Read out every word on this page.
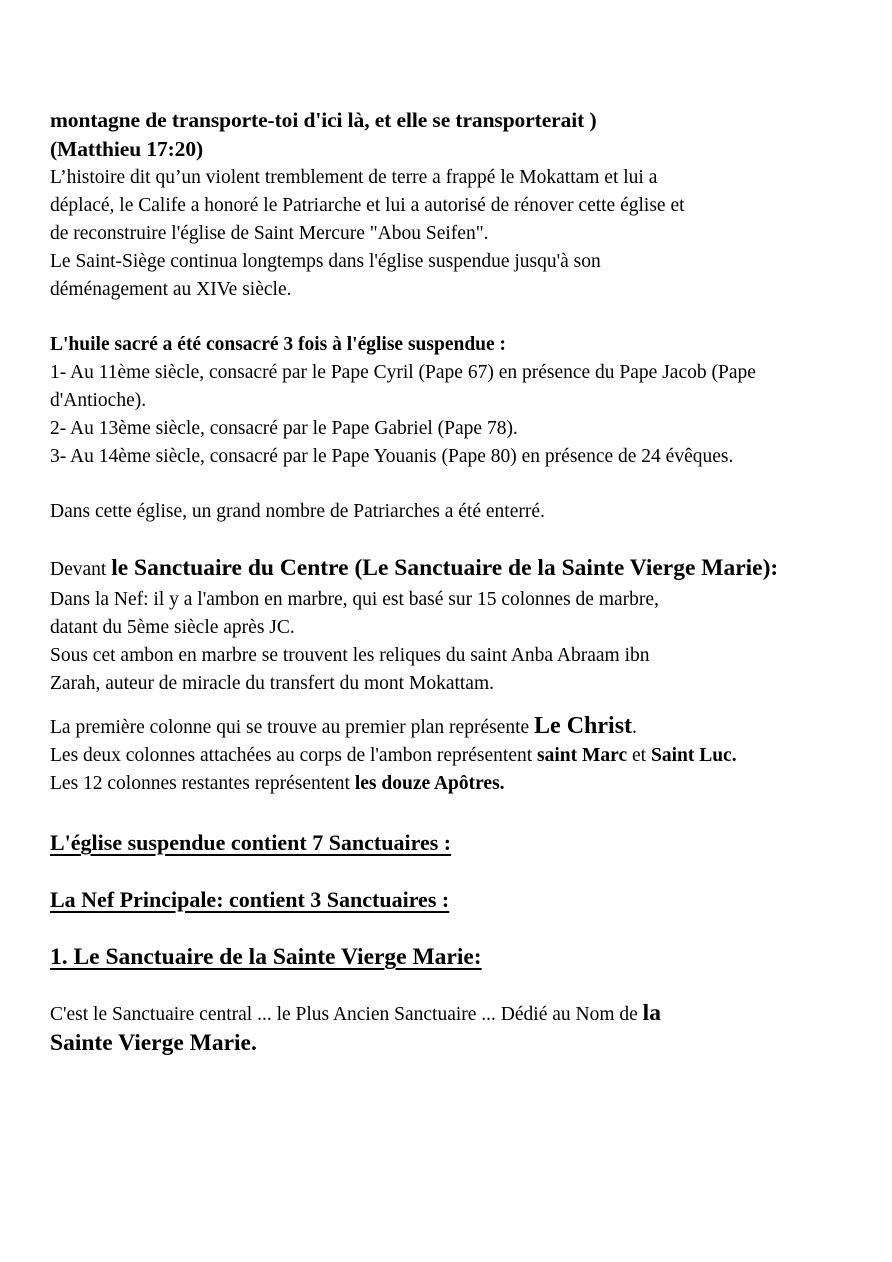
montagne de transporte-toi d'ici là, et elle se transporterait )
(Matthieu 17:20)

L’histoire dit qu’un violent tremblement de terre a frappé le Mokattam et lui a
déplacé, le Calife a honoré le Patriarche et lui a autorisé de rénover cette église et
de reconstruire l'église de Saint Mercure "Abou Seifen".
Le Saint-Siège continua longtemps dans l'église suspendue jusqu'à son
déménagement au XIVe siècle.

L'huile sacré a été consacré 3 fois à l'église suspendue :

1- Au 11ème siècle, consacré par le Pape Cyril (Pape 67) en présence du Pape Jacob (Pape d'Antioche).

2- Au 13ème siècle, consacré par le Pape Gabriel (Pape 78).

3- Au 14ème siècle, consacré par le Pape Youanis (Pape 80) en présence de 24 évêques.

Dans cette église, un grand nombre de Patriarches a été enterré.

Devant le Sanctuaire du Centre (Le Sanctuaire de la Sainte Vierge Marie):

Dans la Nef: il y a l'ambon en marbre, qui est basé sur 15 colonnes de marbre,
datant du 5ème siècle après JC.
Sous cet ambon en marbre se trouvent les reliques du saint Anba Abraam ibn
Zarah, auteur de miracle du transfert du mont Mokattam.

La première colonne qui se trouve au premier plan représente Le Christ.
Les deux colonnes attachées au corps de l'ambon représentent saint Marc et Saint Luc.
Les 12 colonnes restantes représentent les douze Apôtres.

L'église suspendue contient 7 Sanctuaires :

La Nef Principale: contient 3 Sanctuaires :

1. Le Sanctuaire de la Sainte Vierge Marie:

C'est le Sanctuaire central ... le Plus Ancien Sanctuaire ... Dédié au Nom de la
Sainte Vierge Marie.
